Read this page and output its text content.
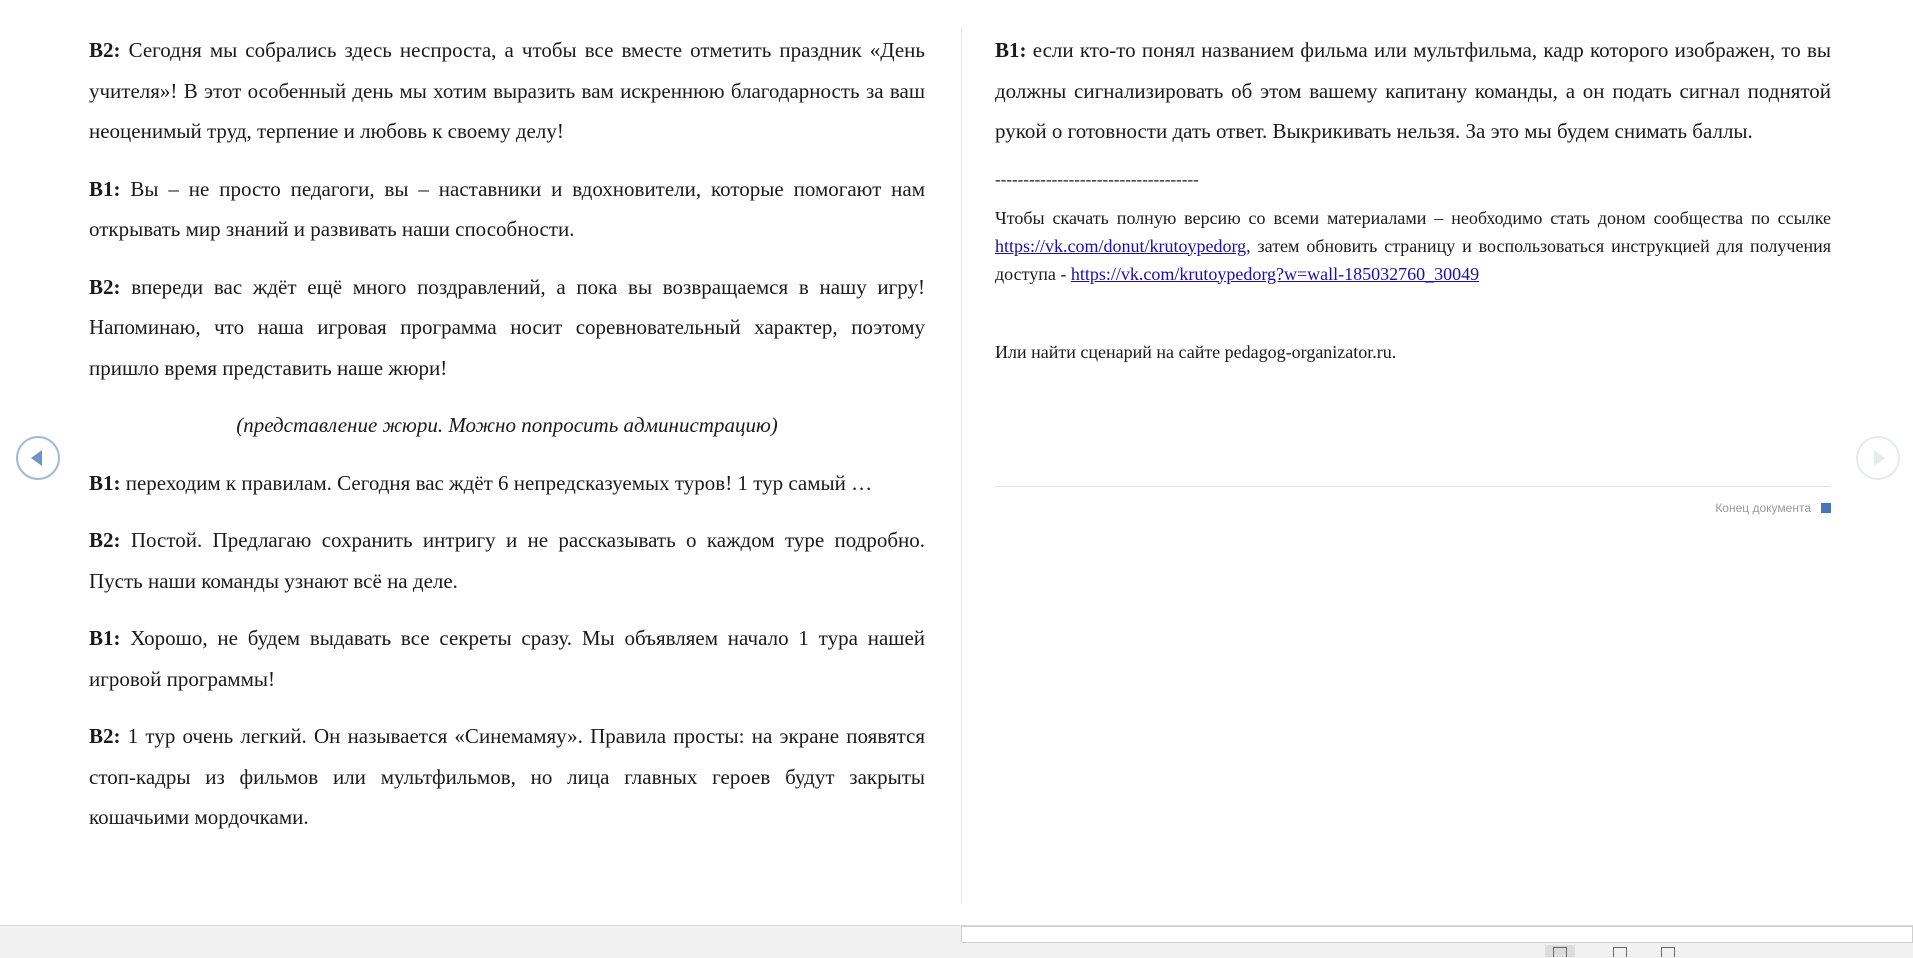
В2: Сегодня мы собрались здесь неспроста, а чтобы все вместе отметить праздник «День учителя»! В этот особенный день мы хотим выразить вам искреннюю благодарность за ваш неоценимый труд, терпение и любовь к своему делу!

В1: Вы – не просто педагоги, вы – наставники и вдохновители, которые помогают нам открывать мир знаний и развивать наши способности.

В2: впереди вас ждёт ещё много поздравлений, а пока вы возвращаемся в нашу игру! Напоминаю, что наша игровая программа носит соревновательный характер, поэтому пришло время представить наше жюри!

(представление жюри. Можно попросить администрацию)

В1: переходим к правилам. Сегодня вас ждёт 6 непредсказуемых туров! 1 тур самый …

В2: Постой. Предлагаю сохранить интригу и не рассказывать о каждом туре подробно. Пусть наши команды узнают всё на деле.

В1: Хорошо, не будем выдавать все секреты сразу. Мы объявляем начало 1 тура нашей игровой программы!

В2: 1 тур очень легкий. Он называется «Синемамяу». Правила просты: на экране появятся стоп-кадры из фильмов или мультфильмов, но лица главных героев будут закрыты кошачьими мордочками.

В1: если кто-то понял названием фильма или мультфильма, кадр которого изображен, то вы должны сигнализировать об этом вашему капитану команды, а он подать сигнал поднятой рукой о готовности дать ответ. Выкрикивать нельзя. За это мы будем снимать баллы.

------------------------------------

Чтобы скачать полную версию со всеми материалами – необходимо стать доном сообщества по ссылке https://vk.com/donut/krutoypedorg, затем обновить страницу и воспользоваться инструкцией для получения доступа - https://vk.com/krutoypedorg?w=wall-185032760_30049

Или найти сценарий на сайте pedagog-organizator.ru.

Конец документа
